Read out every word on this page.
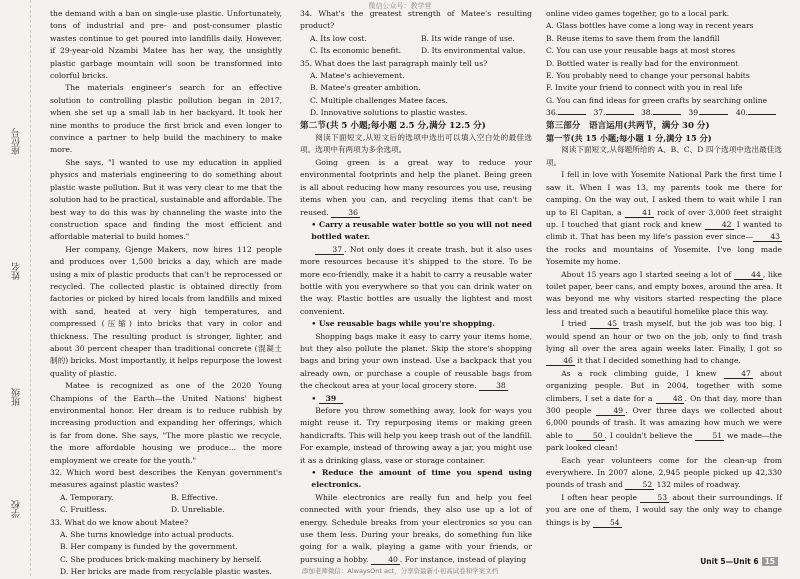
微信公众号：教学营
座位号
姓名
班级
学校

the demand with a ban on single-use plastic. Unfortunately, tons of industrial and pre- and post-consumer plastic wastes continue to get poured into landfills daily. However, if 29-year-old Nzambi Matee has her way, the unsightly plastic garbage mountain will soon be transformed into colorful bricks.

The materials engineer's search for an effective solution to controlling plastic pollution began in 2017, when she set up a small lab in her backyard. It took her nine months to produce the first brick and even longer to convince a partner to help build the machinery to make more.

She says, "I wanted to use my education in applied physics and materials engineering to do something about plastic waste pollution. But it was very clear to me that the solution had to be practical, sustainable and affordable. The best way to do this was by channeling the waste into the construction space and finding the most efficient and affordable material to build homes."

Her company, Gjenge Makers, now hires 112 people and produces over 1,500 bricks a day, which are made using a mix of plastic products that can't be reprocessed or recycled. The collected plastic is obtained directly from factories or picked by hired locals from landfills and mixed with sand, heated at very high temperatures, and compressed (压缩) into bricks that vary in color and thickness. The resulting product is stronger, lighter, and about 30 percent cheaper than traditional concrete (混凝土制的) bricks. Most importantly, it helps repurpose the lowest quality of plastic.

Matee is recognized as one of the 2020 Young Champions of the Earth—the United Nations' highest environmental honor. Her dream is to reduce rubbish by increasing production and expanding her offerings, which is far from done. She says, "The more plastic we recycle, the more affordable housing we produce... the more employment we create for the youth."

32. Which word best describes the Kenyan government's measures against plastic wastes?

A. Temporary.	B. Effective.
C. Fruitless.	D. Unreliable.

33. What do we know about Matee?

A. She turns knowledge into actual products.
B. Her company is funded by the government.
C. She produces brick-making machinery by herself.
D. Her bricks are made from recyclable plastic wastes.

34. What's the greatest strength of Matee's resulting product?

A. Its low cost.	B. Its wide range of use.
C. Its economic benefit.	D. Its environmental value.

35. What does the last paragraph mainly tell us?

A. Matee's achievement.
B. Matee's greater ambition.
C. Multiple challenges Matee faces.
D. Innovative solutions to plastic wastes.

第二节(共 5 小题;每小题 2.5 分,满分 12.5 分)

阅读下面短文,从短文后的选项中选出可以填入空白处的最佳选项。选项中有两项为多余选项。

Going green is a great way to reduce your environmental footprints and help the planet. Being green is all about reducing how many resources you use, reusing items when you can, and recycling items that can't be reused.	36

• Carry a reusable water bottle so you will not need bottled water.

37 . Not only does it create trash, but it also uses more resources because it's shipped to the store. To be more eco-friendly, make it a habit to carry a reusable water bottle with you everywhere so that you can drink water on the way. Plastic bottles are usually the lightest and most convenient.

• Use reusable bags while you're shopping.

Shopping bags make it easy to carry your items home, but they also pollute the planet. Skip the store's shopping bags and bring your own instead. Use a backpack that you already own, or purchase a couple of reusable bags from the checkout area at your local grocery store.	38

• 39

Before you throw something away, look for ways you might reuse it. Try repurposing items or making green handicrafts. This will help you keep trash out of the landfill. For example, instead of throwing away a jar, you might use it as a drinking glass, vase or storage container.

• Reduce the amount of time you spend using electronics.

While electronics are really fun and help you feel connected with your friends, they also use up a lot of energy. Schedule breaks from your electronics so you can use them less. During your breaks, do something fun like going for a walk, playing a game with your friends, or pursuing a hobby.	40 . For instance, instead of playing

online video games together, go to a local park.

A. Glass bottles have come a long way in recent years
B. Reuse items to save them from the landfill
C. You can use your reusable bags at most stores
D. Bottled water is really bad for the environment
E. You probably need to change your personal habits
F. Invite your friend to connect with you in real life
G. You can find ideas for green crafts by searching online
36.	37.	38.	39.	40.

第三部分　语言运用(共两节，满分 30 分)

第一节(共 15 小题;每小题 1 分,满分 15 分)

阅读下面短文,从每题所给的 A、B、C、D 四个选项中选出最佳选项。

I fell in love with Yosemite National Park the first time I saw it. When I was 13, my parents took me there for camping. On the way out, I asked them to wait while I ran up to El Capitan, a	41 rock of over 3,000 feet straight up. I touched that giant rock and knew	42 I wanted to climb it. That has been my life's passion ever since— 43 the rocks and mountains of Yosemite. I've long made Yosemite my home.

About 15 years ago I started seeing a lot of	44 , like toilet paper, beer cans, and empty boxes, around the area. It was beyond me why visitors started respecting the place less and treated such a beautiful homelike place this way.

I tried	45 trash myself, but the job was too big. I would spend an hour or two on the job, only to find trash lying all over the area again weeks later. Finally, I got so 46 it that I decided something had to change.

As a rock climbing guide, I knew	47 about organizing people. But in 2004, together with some climbers, I set a date for a	48 . On that day, more than 300 people	49 . Over three days we collected about 6,000 pounds of trash. It was amazing how much we were able to	50 . I couldn't believe the	51 we made—the park looked clean!

Each year volunteers come for the clean-up from everywhere. In 2007 alone, 2,945 people picked up 42,330 pounds of trash and	52 132 miles of roadway.

I often hear people	53 about their surroundings. If you are one of them, I would say the only way to change things is by	54

Unit 5—Unit 6 15
添加老师微信：AlwaysOnt act，分享资最新小初高试卷和学案文档
